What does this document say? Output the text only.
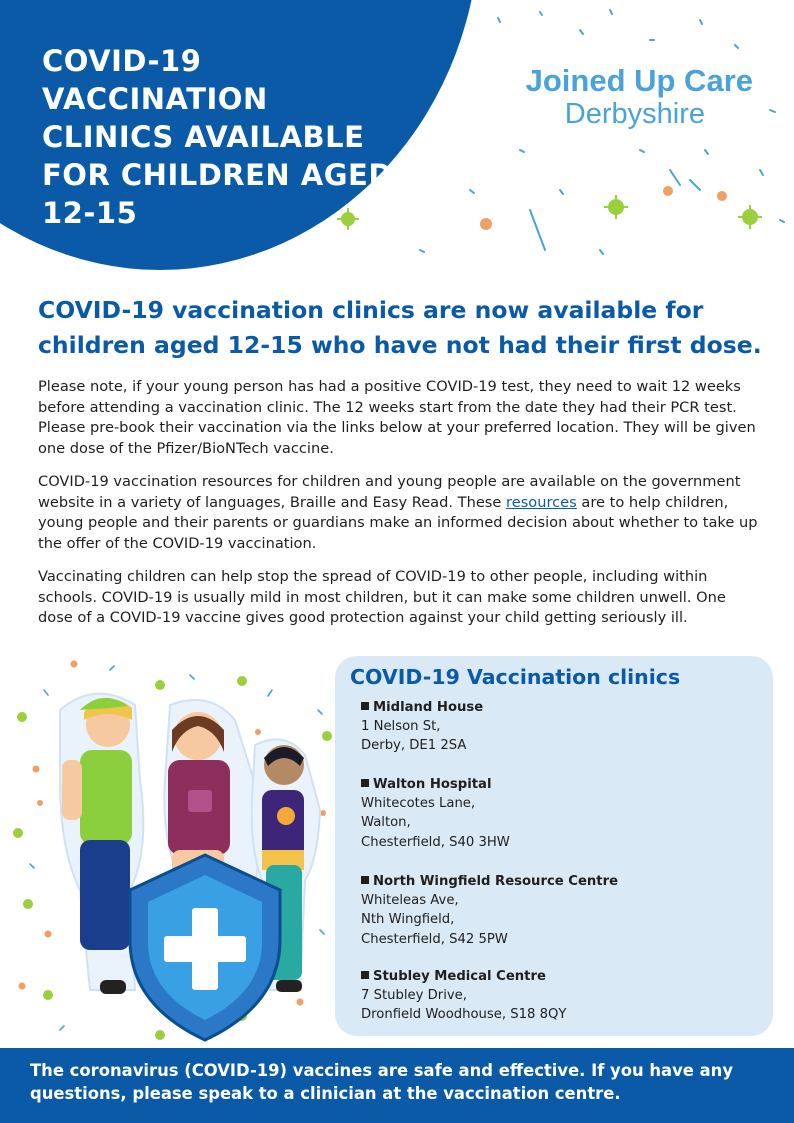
COVID-19 VACCINATION CLINICS AVAILABLE FOR CHILDREN AGED 12-15
Joined Up Care
Derbyshire
COVID-19 vaccination clinics are now available for children aged 12-15 who have not had their first dose.

Please note, if your young person has had a positive COVID-19 test, they need to wait 12 weeks before attending a vaccination clinic. The 12 weeks start from the date they had their PCR test. Please pre-book their vaccination via the links below at your preferred location. They will be given one dose of the Pfizer/BioNTech vaccine.

COVID-19 vaccination resources for children and young people are available on the government website in a variety of languages, Braille and Easy Read. These resources are to help children, young people and their parents or guardians make an informed decision about whether to take up the offer of the COVID-19 vaccination.

Vaccinating children can help stop the spread of COVID-19 to other people, including within schools. COVID-19 is usually mild in most children, but it can make some children unwell. One dose of a COVID-19 vaccine gives good protection against your child getting seriously ill.

COVID-19 Vaccination clinics
Midland House
1 Nelson St,
Derby, DE1 2SA
Walton Hospital
Whitecotes Lane,
Walton,
Chesterfield, S40 3HW
North Wingfield Resource Centre
Whiteleas Ave,
Nth Wingfield,
Chesterfield, S42 5PW
Stubley Medical Centre
7 Stubley Drive,
Dronfield Woodhouse, S18 8QY

The coronavirus (COVID-19) vaccines are safe and effective. If you have any questions, please speak to a clinician at the vaccination centre.
